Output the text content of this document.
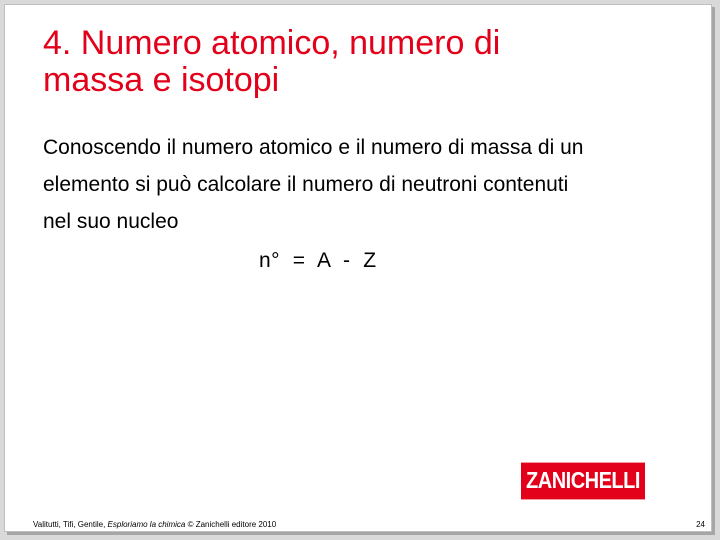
4. Numero atomico, numero di
massa e isotopi

Conoscendo il numero atomico e il numero di massa di un
elemento si può calcolare il numero di neutroni contenuti
nel suo nucleo

n°  =  A  -  Z
ZANICHELLI
Valitutti, Tifi, Gentile, Esploriamo la chimica © Zanichelli editore 2010	24
